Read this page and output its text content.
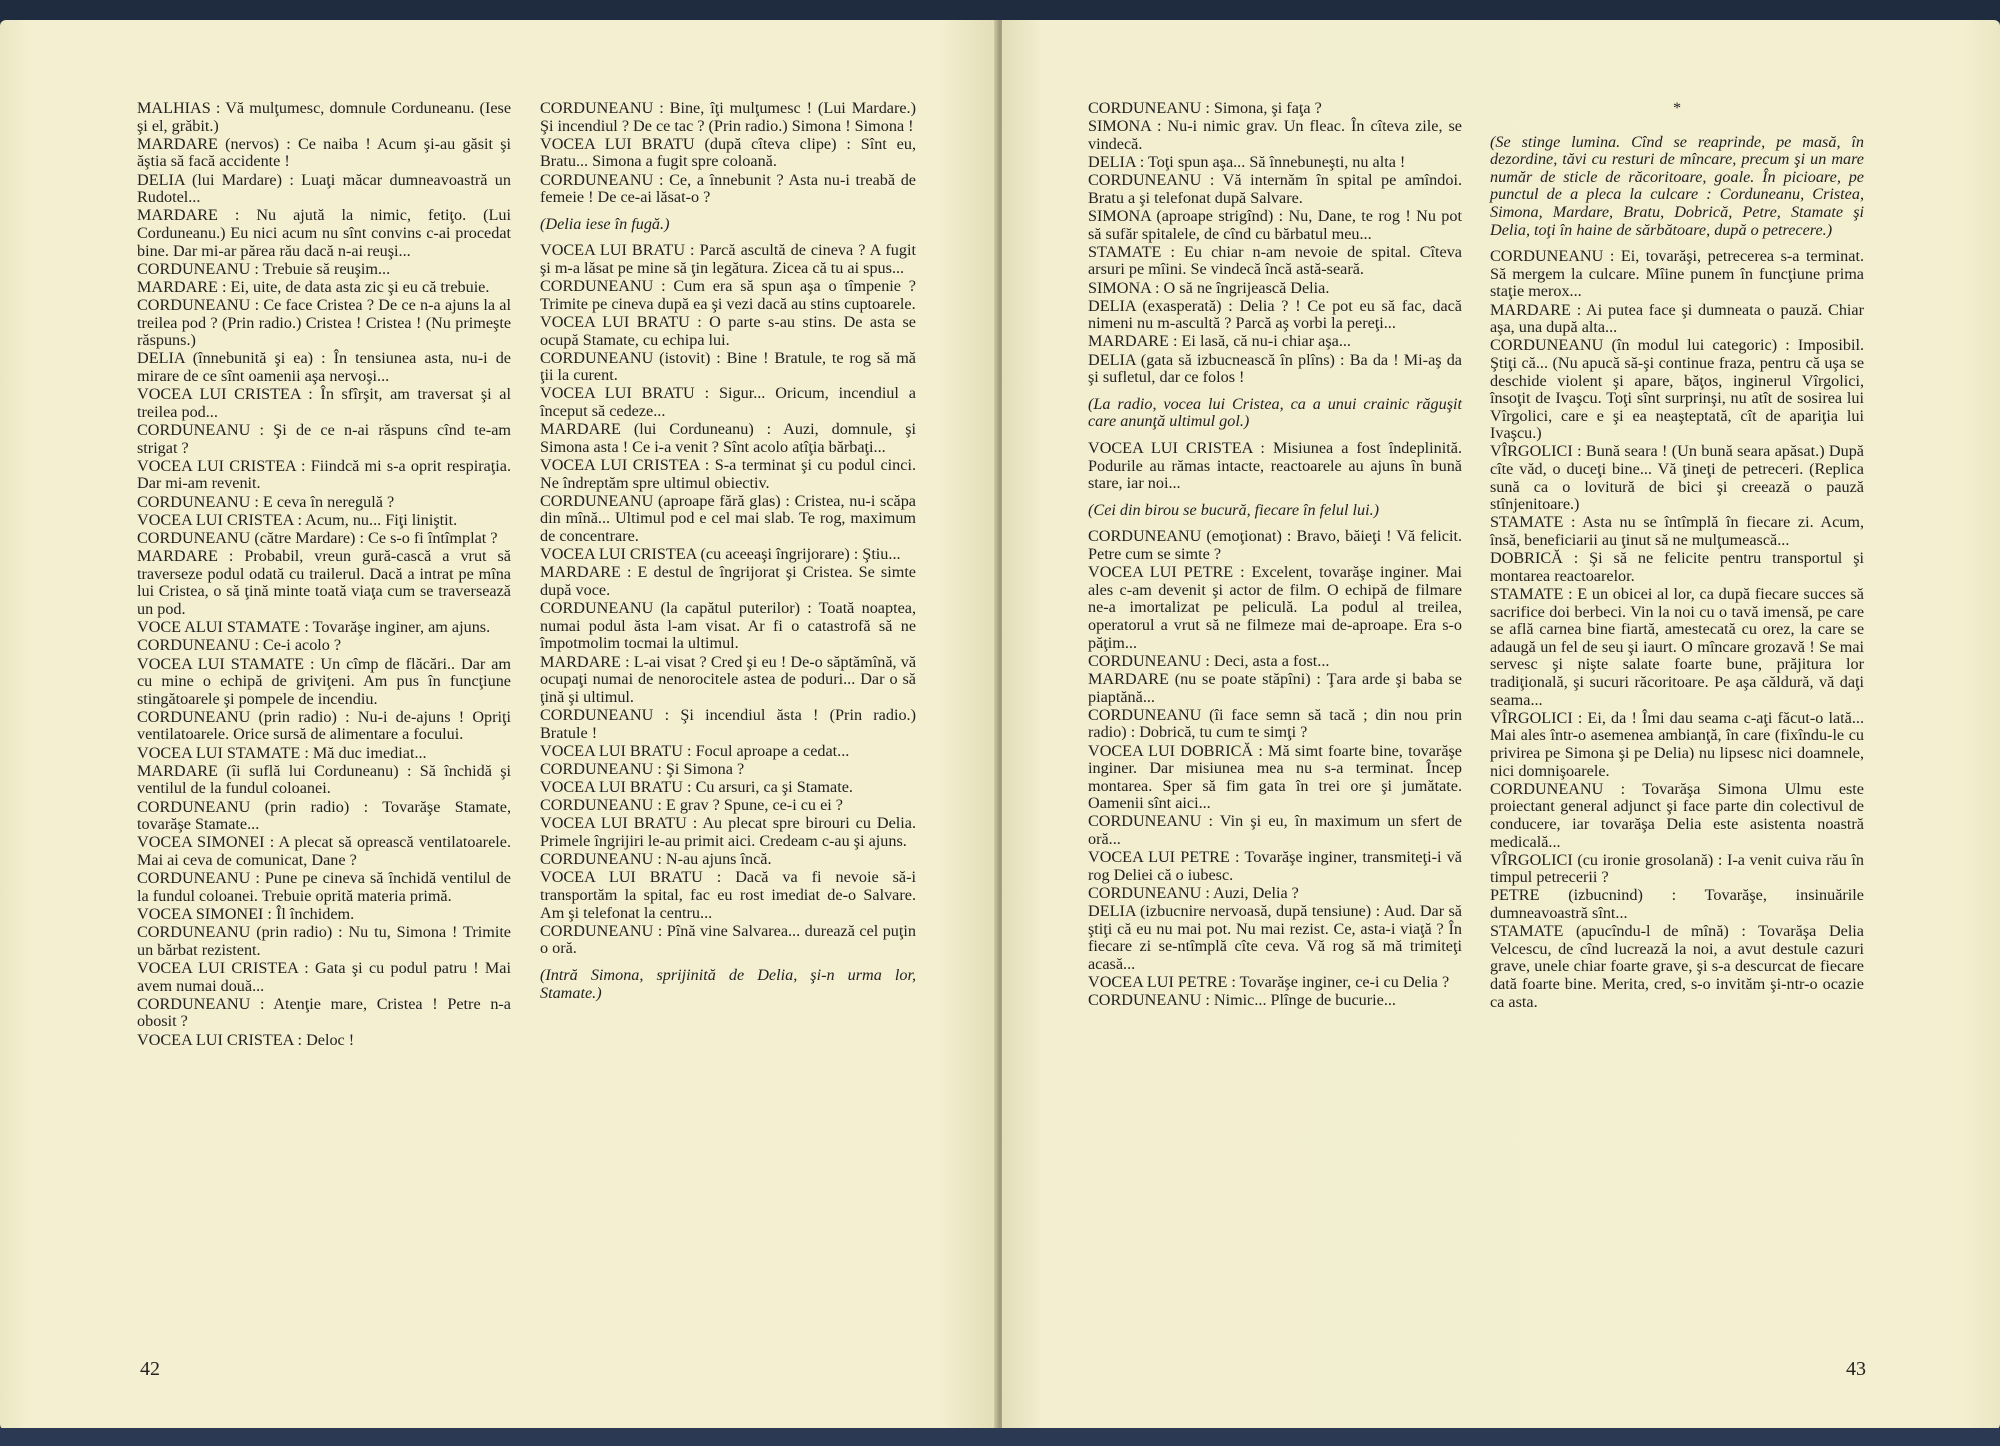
MALHIAS : Vă mulţumesc, domnule Corduneanu. (Iese şi el, grăbit.)

MARDARE (nervos) : Ce naiba ! Acum şi-au găsit şi ăştia să facă accidente !

DELIA (lui Mardare) : Luaţi măcar dumneavoastră un Rudotel...

MARDARE : Nu ajută la nimic, fetiţo. (Lui Corduneanu.) Eu nici acum nu sînt convins c-ai procedat bine. Dar mi-ar părea rău dacă n-ai reuşi...

CORDUNEANU : Trebuie să reuşim...

MARDARE : Ei, uite, de data asta zic şi eu că trebuie.

CORDUNEANU : Ce face Cristea ? De ce n-a ajuns la al treilea pod ? (Prin radio.) Cristea ! Cristea ! (Nu primeşte răspuns.)

DELIA (înnebunită şi ea) : În tensiunea asta, nu-i de mirare de ce sînt oamenii aşa nervoşi...

VOCEA LUI CRISTEA : În sfîrşit, am traversat şi al treilea pod...

CORDUNEANU : Şi de ce n-ai răspuns cînd te-am strigat ?

VOCEA LUI CRISTEA : Fiindcă mi s-a oprit respiraţia. Dar mi-am revenit.

CORDUNEANU : E ceva în neregulă ?

VOCEA LUI CRISTEA : Acum, nu... Fiţi liniştit.

CORDUNEANU (către Mardare) : Ce s-o fi întîmplat ?

MARDARE : Probabil, vreun gură-cască a vrut să traverseze podul odată cu trailerul. Dacă a intrat pe mîna lui Cristea, o să ţină minte toată viaţa cum se traversează un pod.

VOCE ALUI STAMATE : Tovarăşe inginer, am ajuns.

CORDUNEANU : Ce-i acolo ?

VOCEA LUI STAMATE : Un cîmp de flăcări.. Dar am cu mine o echipă de griviţeni. Am pus în funcţiune stingătoarele şi pompele de incendiu.

CORDUNEANU (prin radio) : Nu-i de-ajuns ! Opriţi ventilatoarele. Orice sursă de alimentare a focului.

VOCEA LUI STAMATE : Mă duc imediat...

MARDARE (îi suflă lui Corduneanu) : Să închidă şi ventilul de la fundul coloanei.

CORDUNEANU (prin radio) : Tovarăşe Stamate, tovarăşe Stamate...

VOCEA SIMONEI : A plecat să oprească ventilatoarele. Mai ai ceva de comunicat, Dane ?

CORDUNEANU : Pune pe cineva să închidă ventilul de la fundul coloanei. Trebuie oprită materia primă.

VOCEA SIMONEI : Îl închidem.

CORDUNEANU (prin radio) : Nu tu, Simona ! Trimite un bărbat rezistent.

VOCEA LUI CRISTEA : Gata şi cu podul patru ! Mai avem numai două...

CORDUNEANU : Atenţie mare, Cristea ! Petre n-a obosit ?

VOCEA LUI CRISTEA : Deloc !

CORDUNEANU : Bine, îţi mulţumesc ! (Lui Mardare.) Şi incendiul ? De ce tac ? (Prin radio.) Simona ! Simona !

VOCEA LUI BRATU (după cîteva clipe) : Sînt eu, Bratu... Simona a fugit spre coloană.

CORDUNEANU : Ce, a înnebunit ? Asta nu-i treabă de femeie ! De ce-ai lăsat-o ?

(Delia iese în fugă.)

VOCEA LUI BRATU : Parcă ascultă de cineva ? A fugit şi m-a lăsat pe mine să ţin legătura. Zicea că tu ai spus...

CORDUNEANU : Cum era să spun aşa o tîmpenie ? Trimite pe cineva după ea şi vezi dacă au stins cuptoarele.

VOCEA LUI BRATU : O parte s-au stins. De asta se ocupă Stamate, cu echipa lui.

CORDUNEANU (istovit) : Bine ! Bratule, te rog să mă ţii la curent.

VOCEA LUI BRATU : Sigur... Oricum, incendiul a început să cedeze...

MARDARE (lui Corduneanu) : Auzi, domnule, şi Simona asta ! Ce i-a venit ? Sînt acolo atîţia bărbaţi...

VOCEA LUI CRISTEA : S-a terminat şi cu podul cinci. Ne îndreptăm spre ultimul obiectiv.

CORDUNEANU (aproape fără glas) : Cristea, nu-i scăpa din mînă... Ultimul pod e cel mai slab. Te rog, maximum de concentrare.

VOCEA LUI CRISTEA (cu aceeaşi îngrijorare) : Ştiu...

MARDARE : E destul de îngrijorat şi Cristea. Se simte după voce.

CORDUNEANU (la capătul puterilor) : Toată noaptea, numai podul ăsta l-am visat. Ar fi o catastrofă să ne împotmolim tocmai la ultimul.

MARDARE : L-ai visat ? Cred şi eu ! De-o săptămînă, vă ocupaţi numai de nenorocitele astea de poduri... Dar o să ţină şi ultimul.

CORDUNEANU : Şi incendiul ăsta ! (Prin radio.) Bratule !

VOCEA LUI BRATU : Focul aproape a cedat...

CORDUNEANU : Şi Simona ?

VOCEA LUI BRATU : Cu arsuri, ca şi Stamate.

CORDUNEANU : E grav ? Spune, ce-i cu ei ?

VOCEA LUI BRATU : Au plecat spre birouri cu Delia. Primele îngrijiri le-au primit aici. Credeam c-au şi ajuns.

CORDUNEANU : N-au ajuns încă.

VOCEA LUI BRATU : Dacă va fi nevoie să-i transportăm la spital, fac eu rost imediat de-o Salvare. Am şi telefonat la centru...

CORDUNEANU : Pînă vine Salvarea... durează cel puţin o oră.

(Intră Simona, sprijinită de Delia, şi-n urma lor, Stamate.)

42

CORDUNEANU : Simona, şi faţa ?

SIMONA : Nu-i nimic grav. Un fleac. În cîteva zile, se vindecă.

DELIA : Toţi spun aşa... Să înnebuneşti, nu alta !

CORDUNEANU : Vă internăm în spital pe amîndoi. Bratu a şi telefonat după Salvare.

SIMONA (aproape strigînd) : Nu, Dane, te rog ! Nu pot să sufăr spitalele, de cînd cu bărbatul meu...

STAMATE : Eu chiar n-am nevoie de spital. Cîteva arsuri pe mîini. Se vindecă încă astă-seară.

SIMONA : O să ne îngrijească Delia.

DELIA (exasperată) : Delia ? ! Ce pot eu să fac, dacă nimeni nu m-ascultă ? Parcă aş vorbi la pereţi...

MARDARE : Ei lasă, că nu-i chiar aşa...

DELIA (gata să izbucnească în plîns) : Ba da ! Mi-aş da şi sufletul, dar ce folos !

(La radio, vocea lui Cristea, ca a unui crainic răguşit care anunţă ultimul gol.)

VOCEA LUI CRISTEA : Misiunea a fost îndeplinită. Podurile au rămas intacte, reactoarele au ajuns în bună stare, iar noi...

(Cei din birou se bucură, fiecare în felul lui.)

CORDUNEANU (emoţionat) : Bravo, băieţi ! Vă felicit. Petre cum se simte ?

VOCEA LUI PETRE : Excelent, tovarăşe inginer. Mai ales c-am devenit şi actor de film. O echipă de filmare ne-a imortalizat pe peliculă. La podul al treilea, operatorul a vrut să ne filmeze mai de-aproape. Era s-o păţim...

CORDUNEANU : Deci, asta a fost...

MARDARE (nu se poate stăpîni) : Ţara arde şi baba se piaptănă...

CORDUNEANU (îi face semn să tacă ; din nou prin radio) : Dobrică, tu cum te simţi ?

VOCEA LUI DOBRICĂ : Mă simt foarte bine, tovarăşe inginer. Dar misiunea mea nu s-a terminat. Încep montarea. Sper să fim gata în trei ore şi jumătate. Oamenii sînt aici...

CORDUNEANU : Vin şi eu, în maximum un sfert de oră...

VOCEA LUI PETRE : Tovarăşe inginer, transmiteţi-i vă rog Deliei că o iubesc.

CORDUNEANU : Auzi, Delia ?

DELIA (izbucnire nervoasă, după tensiune) : Aud. Dar să ştiţi că eu nu mai pot. Nu mai rezist. Ce, asta-i viaţă ? În fiecare zi se-ntîmplă cîte ceva. Vă rog să mă trimiteţi acasă...

VOCEA LUI PETRE : Tovarăşe inginer, ce-i cu Delia ?

CORDUNEANU : Nimic... Plînge de bucurie...

*

(Se stinge lumina. Cînd se reaprinde, pe masă, în dezordine, tăvi cu resturi de mîncare, precum şi un mare număr de sticle de răcoritoare, goale. În picioare, pe punctul de a pleca la culcare : Corduneanu, Cristea, Simona, Mardare, Bratu, Dobrică, Petre, Stamate şi Delia, toţi în haine de sărbătoare, după o petrecere.)

CORDUNEANU : Ei, tovarăşi, petrecerea s-a terminat. Să mergem la culcare. Mîine punem în funcţiune prima staţie merox...

MARDARE : Ai putea face şi dumneata o pauză. Chiar aşa, una după alta...

CORDUNEANU (în modul lui categoric) : Imposibil. Ştiţi că... (Nu apucă să-şi continue fraza, pentru că uşa se deschide violent şi apare, băţos, inginerul Vîrgolici, însoţit de Ivaşcu. Toţi sînt surprinşi, nu atît de sosirea lui Vîrgolici, care e şi ea neaşteptată, cît de apariţia lui Ivaşcu.)

VÎRGOLICI : Bună seara ! (Un bună seara apăsat.) După cîte văd, o duceţi bine... Vă ţineţi de petreceri. (Replica sună ca o lovitură de bici şi creează o pauză stînjenitoare.)

STAMATE : Asta nu se întîmplă în fiecare zi. Acum, însă, beneficiarii au ţinut să ne mulţumească...

DOBRICĂ : Şi să ne felicite pentru transportul şi montarea reactoarelor.

STAMATE : E un obicei al lor, ca după fiecare succes să sacrifice doi berbeci. Vin la noi cu o tavă imensă, pe care se află carnea bine fiartă, amestecată cu orez, la care se adaugă un fel de seu şi iaurt. O mîncare grozavă ! Se mai servesc şi nişte salate foarte bune, prăjitura lor tradiţională, şi sucuri răcoritoare. Pe aşa căldură, vă daţi seama...

VÎRGOLICI : Ei, da ! Îmi dau seama c-aţi făcut-o lată... Mai ales într-o asemenea ambianţă, în care (fixîndu-le cu privirea pe Simona şi pe Delia) nu lipsesc nici doamnele, nici domnişoarele.

CORDUNEANU : Tovarăşa Simona Ulmu este proiectant general adjunct şi face parte din colectivul de conducere, iar tovarăşa Delia este asistenta noastră medicală...

VÎRGOLICI (cu ironie grosolană) : I-a venit cuiva rău în timpul petrecerii ?

PETRE (izbucnind) : Tovarăşe, insinuările dumneavoastră sînt...

STAMATE (apucîndu-l de mînă) : Tovarăşa Delia Velcescu, de cînd lucrează la noi, a avut destule cazuri grave, unele chiar foarte grave, şi s-a descurcat de fiecare dată foarte bine. Merita, cred, s-o invităm şi-ntr-o ocazie ca asta.

43
